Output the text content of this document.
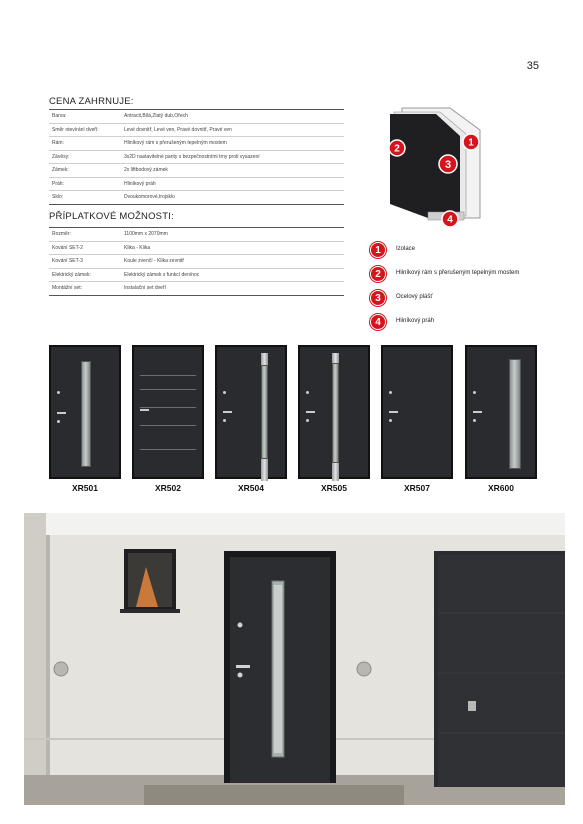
35
CENA ZAHRNUJE:
Barva:	Antracit,Bílá,Zlatý dub,Ořech
Směr otevírání dveří:	Levé dovnitř, Levé ven, Pravé dovnitř, Pravé ven
Rám:	Hliníkový rám s přerušeným tepelným mostem
Závěsy:	3x2D nastavitelné panty s bezpečnostními trny proti vysazení
Zámek:	2x liftbodový zámek
Práh:	Hliníkový práh
Sklo:	Dvoukomorové,trojsklo
PŘÍPLATKOVÉ MOŽNOSTI:
Rozměr:	1100mm x 2070mm
Kování SET-2	Klika - Klika
Kování SET-3	Koule zvenčí - Klika zevnitř
Elektrický zámek:	Elektrický zámek s funkcí den/noc
Montážní set:	Instalační set dveří
1
2
3
4
1	Izolace
2	Hliníkový rám s přerušeným tepelným mostem
3	Ocelový plášť
4	Hliníkový práh
XR501	XR502	XR504	XR505	XR507	XR600
